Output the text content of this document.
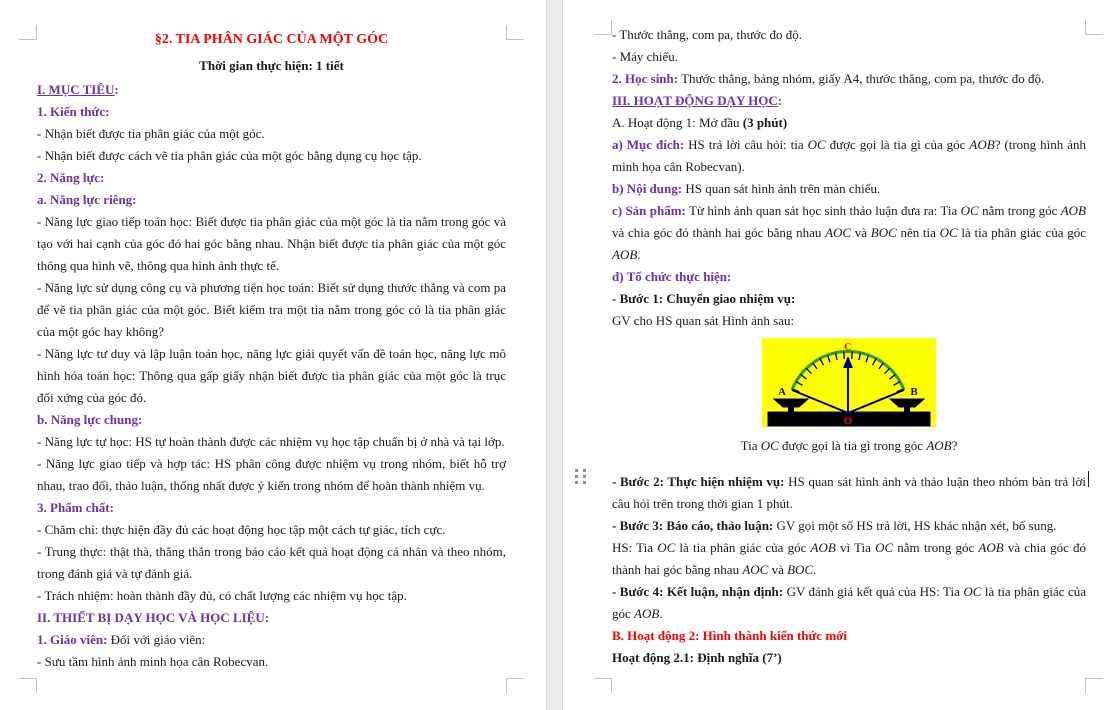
§2. TIA PHÂN GIÁC CỦA MỘT GÓC
Thời gian thực hiện: 1 tiết
I. MỤC TIÊU:
1. Kiến thức:
- Nhận biết được tia phân giác của một góc.
- Nhận biết được cách vẽ tia phân giác của một góc bằng dụng cụ học tập.
2. Năng lực:
a. Năng lực riêng:
- Năng lực giao tiếp toán học: Biết được tia phân giác của một góc là tia nằm trong góc và tạo với hai cạnh của góc đó hai góc bằng nhau. Nhận biết được tia phân giác của một góc thông qua hình vẽ, thông qua hình ảnh thực tế.
- Năng lực sử dụng công cụ và phương tiện học toán: Biết sử dụng thước thẳng và com pa để vẽ tia phân giác của một góc. Biết kiểm tra một tia nằm trong góc có là tia phân giác của một góc hay không?
- Năng lực tư duy và lập luận toán học, năng lực giải quyết vấn đề toán học, năng lực mô hình hóa toán học: Thông qua gấp giấy nhận biết được tia phân giác của một góc là trục đối xứng của góc đó.
b. Năng lực chung:
- Năng lực tự học: HS tự hoàn thành được các nhiệm vụ học tập chuẩn bị ở nhà và tại lớp.
- Năng lực giao tiếp và hợp tác: HS phân công được nhiệm vụ trong nhóm, biết hỗ trợ nhau, trao đổi, thảo luận, thống nhất được ý kiến trong nhóm để hoàn thành nhiệm vụ.
3. Phẩm chất:
- Chăm chỉ: thực hiện đầy đủ các hoạt động học tập một cách tự giác, tích cực.
- Trung thực: thật thà, thẳng thắn trong báo cáo kết quả hoạt động cá nhân và theo nhóm, trong đánh giá và tự đánh giá.
- Trách nhiệm: hoàn thành đầy đủ, có chất lượng các nhiệm vụ học tập.
II. THIẾT BỊ DẠY HỌC VÀ HỌC LIỆU:
1. Giáo viên: Đối với giáo viên:
- Sưu tầm hình ảnh minh họa cân Robecvan.
- Thước thẳng, com pa, thước đo độ.
- Máy chiếu.
2. Học sinh: Thước thẳng, bảng nhóm, giấy A4, thước thẳng, com pa, thước đo độ.
III. HOẠT ĐỘNG DẠY HỌC:
A. Hoạt động 1: Mở đầu (3 phút)
a) Mục đích: HS trả lời câu hỏi: tia OC được gọi là tia gì của góc AOB? (trong hình ảnh minh họa cân Robecvan).
b) Nội dung: HS quan sát hình ảnh trên màn chiếu.
c) Sản phẩm: Từ hình ảnh quan sát học sinh thảo luận đưa ra: Tia OC nằm trong góc AOB và chia góc đó thành hai góc bằng nhau AOC và BOC nên tia OC là tia phân giác của góc AOB.
d) Tổ chức thực hiện:
- Bước 1: Chuyển giao nhiệm vụ:
GV cho HS quan sát Hình ảnh sau:
C
A	B
O
Tia OC được gọi là tia gì trong góc AOB?
- Bước 2: Thực hiện nhiệm vụ: HS quan sát hình ảnh và thảo luận theo nhóm bàn trả lời câu hỏi trên trong thời gian 1 phút.
- Bước 3: Báo cáo, thảo luận: GV gọi một số HS trả lời, HS khác nhận xét, bổ sung.
HS: Tia OC là tia phân giác của góc AOB vì Tia OC nằm trong góc AOB và chia góc đó thành hai góc bằng nhau AOC và BOC.
- Bước 4: Kết luận, nhận định: GV đánh giá kết quả của HS: Tia OC là tia phân giác của góc AOB.
B. Hoạt động 2: Hình thành kiến thức mới
Hoạt động 2.1: Định nghĩa (7’)
